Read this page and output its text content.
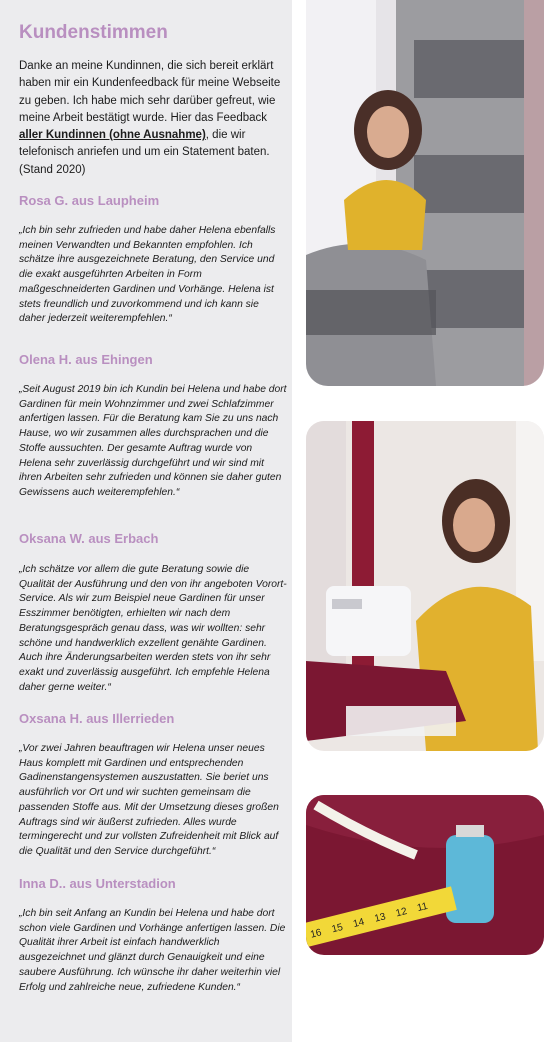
Kundenstimmen

Danke an meine Kundinnen, die sich bereit erklärt haben mir ein Kundenfeedback für meine Webseite zu geben. Ich habe mich sehr darüber gefreut, wie meine Arbeit bestätigt wurde. Hier das Feedback aller Kundinnen (ohne Ausnahme), die wir telefonisch anriefen und um ein Statement baten. (Stand 2020)

Rosa G. aus Laupheim
„Ich bin sehr zufrieden und habe daher Helena ebenfalls meinen Verwandten und Bekannten empfohlen. Ich schätze ihre ausgezeichnete Beratung, den Service und die exakt ausgeführten Arbeiten in Form maßgeschneiderten Gardinen und Vorhänge. Helena ist stets freundlich und zuvorkommend und ich kann sie daher jederzeit weiterempfehlen.“
Olena H. aus Ehingen
„Seit August 2019 bin ich Kundin bei Helena und habe dort Gardinen für mein Wohnzimmer und zwei Schlafzimmer anfertigen lassen. Für die Beratung kam Sie zu uns nach Hause, wo wir zusammen alles durchsprachen und die Stoffe aussuchten. Der gesamte Auftrag wurde von Helena sehr zuverlässig durchgeführt und wir sind mit ihren Arbeiten sehr zufrieden und können sie daher guten Gewissens auch weiterempfehlen.“
Oksana W. aus Erbach
„Ich schätze vor allem die gute Beratung sowie die Qualität der Ausführung und den von ihr angeboten Vorort-Service. Als wir zum Beispiel neue Gardinen für unser Esszimmer benötigten, erhielten wir nach dem Beratungsgespräch genau dass, was wir wollten: sehr schöne und handwerklich exzellent genähte Gardinen. Auch ihre Änderungsarbeiten werden stets von ihr sehr exakt und zuverlässig ausgeführt. Ich empfehle Helena daher gerne weiter.“
Oxsana H. aus Illerrieden
„Vor zwei Jahren beauftragen wir Helena unser neues Haus komplett mit Gardinen und entsprechenden Gadinenstangensystemen auszustatten. Sie beriet uns ausführlich vor Ort und wir suchten gemeinsam die passenden Stoffe aus. Mit der Umsetzung dieses großen Auftrags sind wir äußerst zufrieden. Alles wurde termingerecht und zur vollsten Zufreidenheit mit Blick auf die Qualität und den Service durchgeführt.“
Inna D.. aus Unterstadion
„Ich bin seit Anfang an Kundin bei Helena und habe dort schon viele Gardinen und Vorhänge anfertigen lassen. Die Qualität ihrer Arbeit ist einfach handwerklich ausgezeichnet und glänzt durch Genauigkeit und eine saubere Ausführung. Ich wünsche ihr daher weiterhin viel Erfolg und zahlreiche neue, zufriedene Kunden.“
11
12
13
14
15
16
